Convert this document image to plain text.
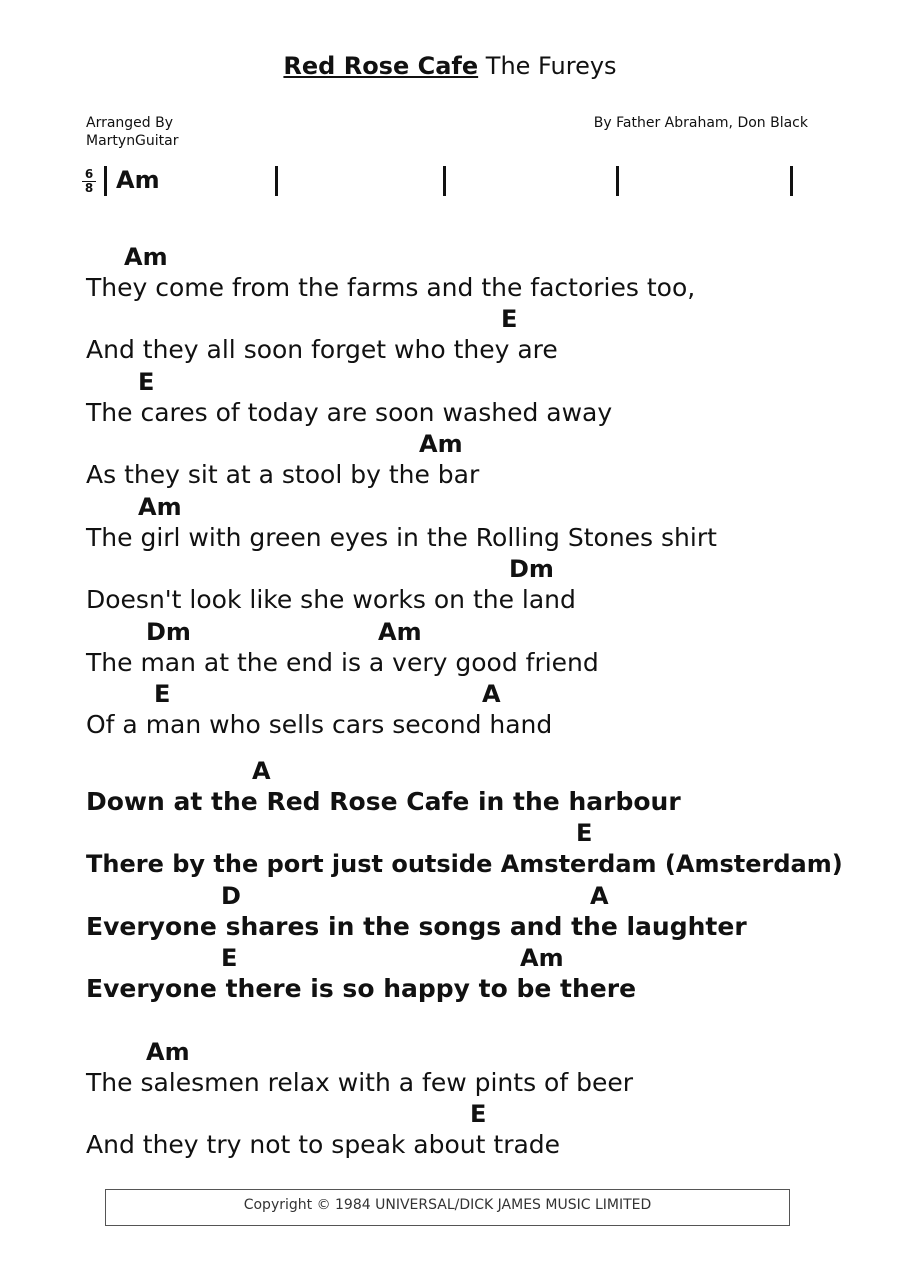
Red Rose Cafe The Fureys
Arranged By
MartynGuitar
By Father Abraham, Don Black
6
8 Am
Am
They come from the farms and the factories too,
E
And they all soon forget who they are
E
The cares of today are soon washed away
Am
As they sit at a stool by the bar
Am
The girl with green eyes in the Rolling Stones shirt
Dm
Doesn't look like she works on the land
Dm	Am
The man at the end is a very good friend
E	A
Of a man who sells cars second hand
A
Down at the Red Rose Cafe in the harbour
E
There by the port just outside Amsterdam (Amsterdam)
D	A
Everyone shares in the songs and the laughter
E	Am
Everyone there is so happy to be there
Am
The salesmen relax with a few pints of beer
E
And they try not to speak about trade
Copyright © 1984 UNIVERSAL/DICK JAMES MUSIC LIMITED
